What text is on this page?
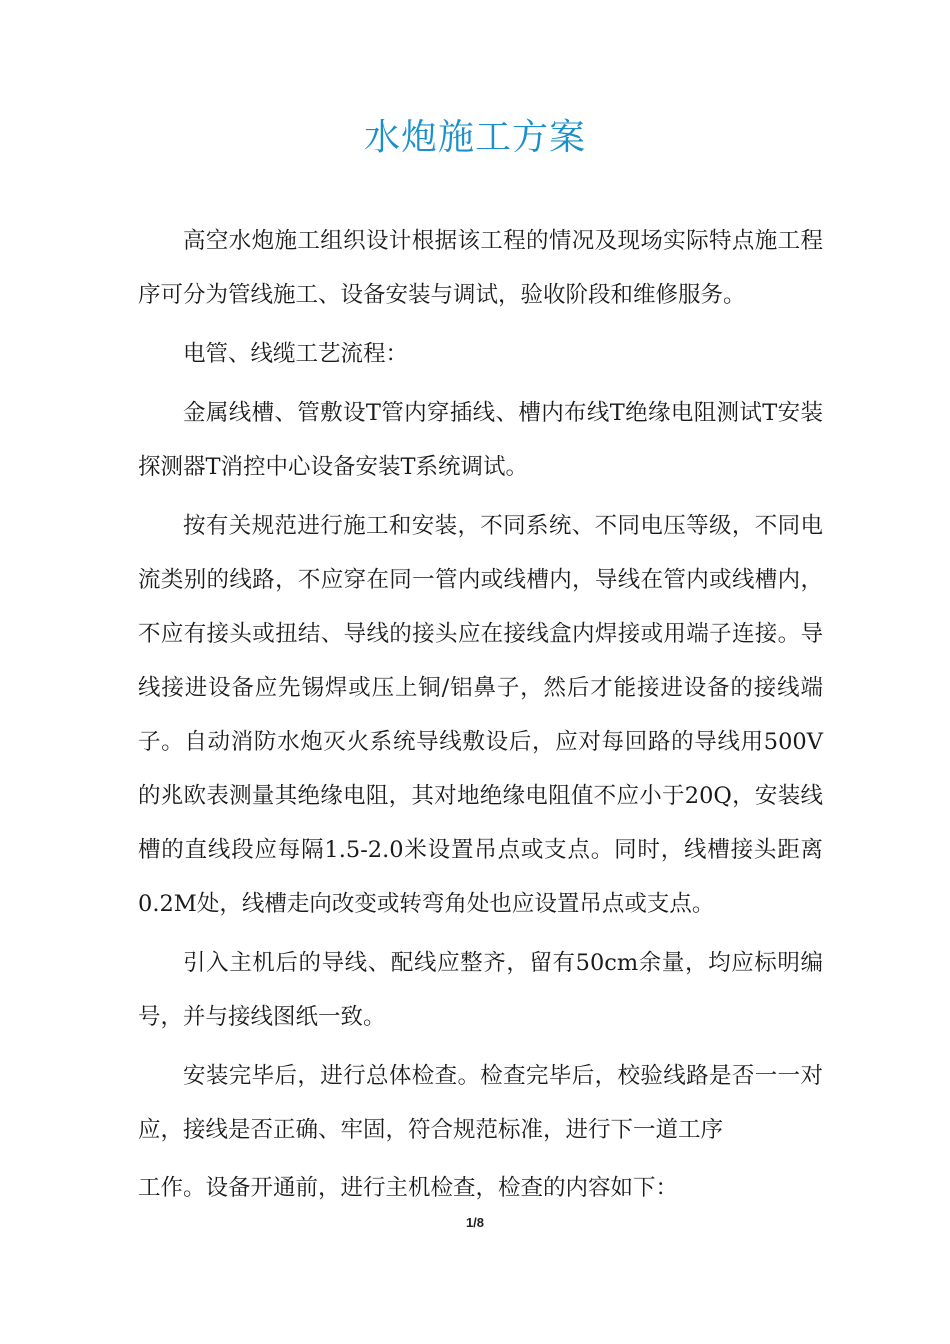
水炮施工方案

高空水炮施工组织设计根据该工程的情况及现场实际特点施工程序可分为管线施工、设备安装与调试，验收阶段和维修服务。

电管、线缆工艺流程：

金属线槽、管敷设T管内穿插线、槽内布线T绝缘电阻测试T安装探测器T消控中心设备安装T系统调试。

按有关规范进行施工和安装，不同系统、不同电压等级，不同电流类别的线路，不应穿在同一管内或线槽内，导线在管内或线槽内，不应有接头或扭结、导线的接头应在接线盒内焊接或用端子连接。导线接进设备应先锡焊或压上铜/铝鼻子，然后才能接进设备的接线端子。自动消防水炮灭火系统导线敷设后，应对每回路的导线用500V的兆欧表测量其绝缘电阻，其对地绝缘电阻值不应小于20Q，安装线槽的直线段应每隔1.5-2.0米设置吊点或支点。同时，线槽接头距离0.2M处，线槽走向改变或转弯角处也应设置吊点或支点。

引入主机后的导线、配线应整齐，留有50cm余量，均应标明编号，并与接线图纸一致。

安装完毕后，进行总体检查。检查完毕后，校验线路是否一一对应，接线是否正确、牢固，符合规范标准，进行下一道工序

工作。设备开通前，进行主机检查，检查的内容如下：

1/8
